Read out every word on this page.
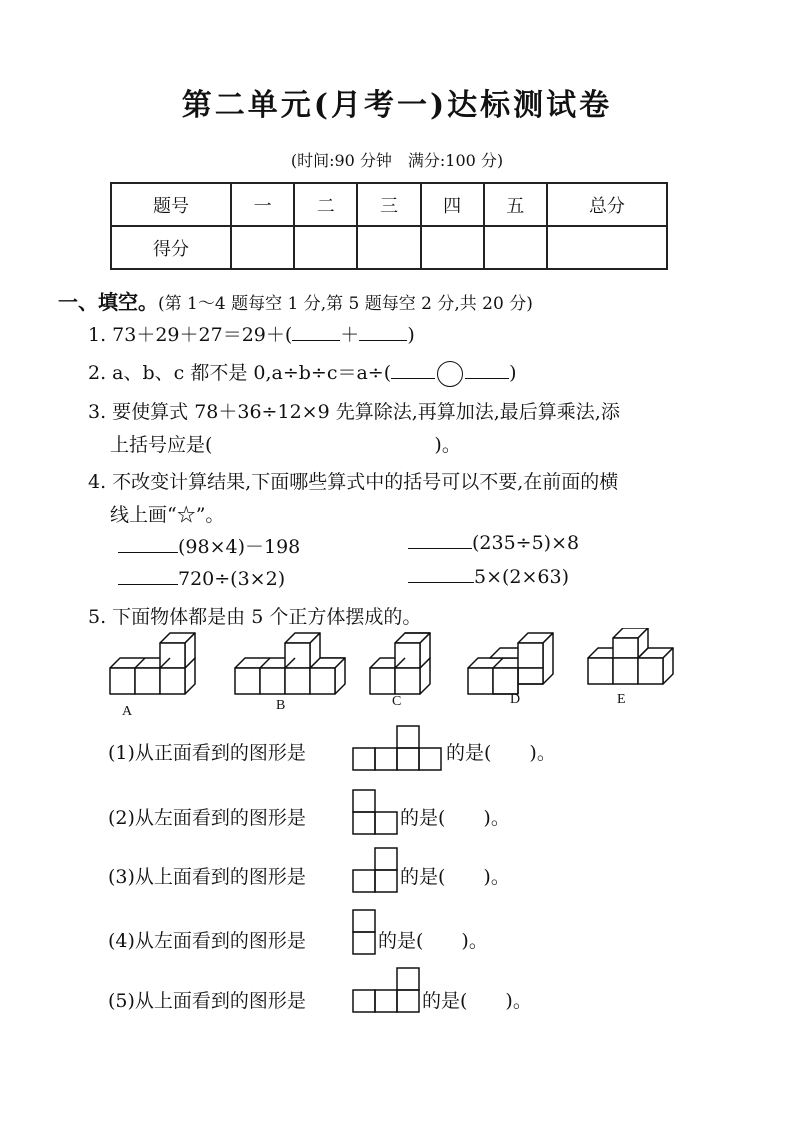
第二单元(月考一)达标测试卷
(时间:90 分钟　满分:100 分)
题号	一	二	三	四	五	总分
得分						
一、填空。(第 1～4 题每空 1 分,第 5 题每空 2 分,共 20 分)
1. 73＋29＋27＝29＋(	＋	)
2. a、b、c 都不是 0,a÷b÷c＝a÷(	)
3. 要使算式 78＋36÷12×9 先算除法,再算加法,最后算乘法,添
上括号应是(	)。
4. 不改变计算结果,下面哪些算式中的括号可以不要,在前面的横
线上画“☆”。
(98×4)－198	(235÷5)×8
720÷(3×2)	5×(2×63)
5. 下面物体都是由 5 个正方体摆成的。
A	B	C	D	E
(1)从正面看到的图形是	的是(　　)。
(2)从左面看到的图形是	的是(　　)。
(3)从上面看到的图形是	的是(　　)。
(4)从左面看到的图形是	的是(　　)。
(5)从上面看到的图形是	的是(　　)。
